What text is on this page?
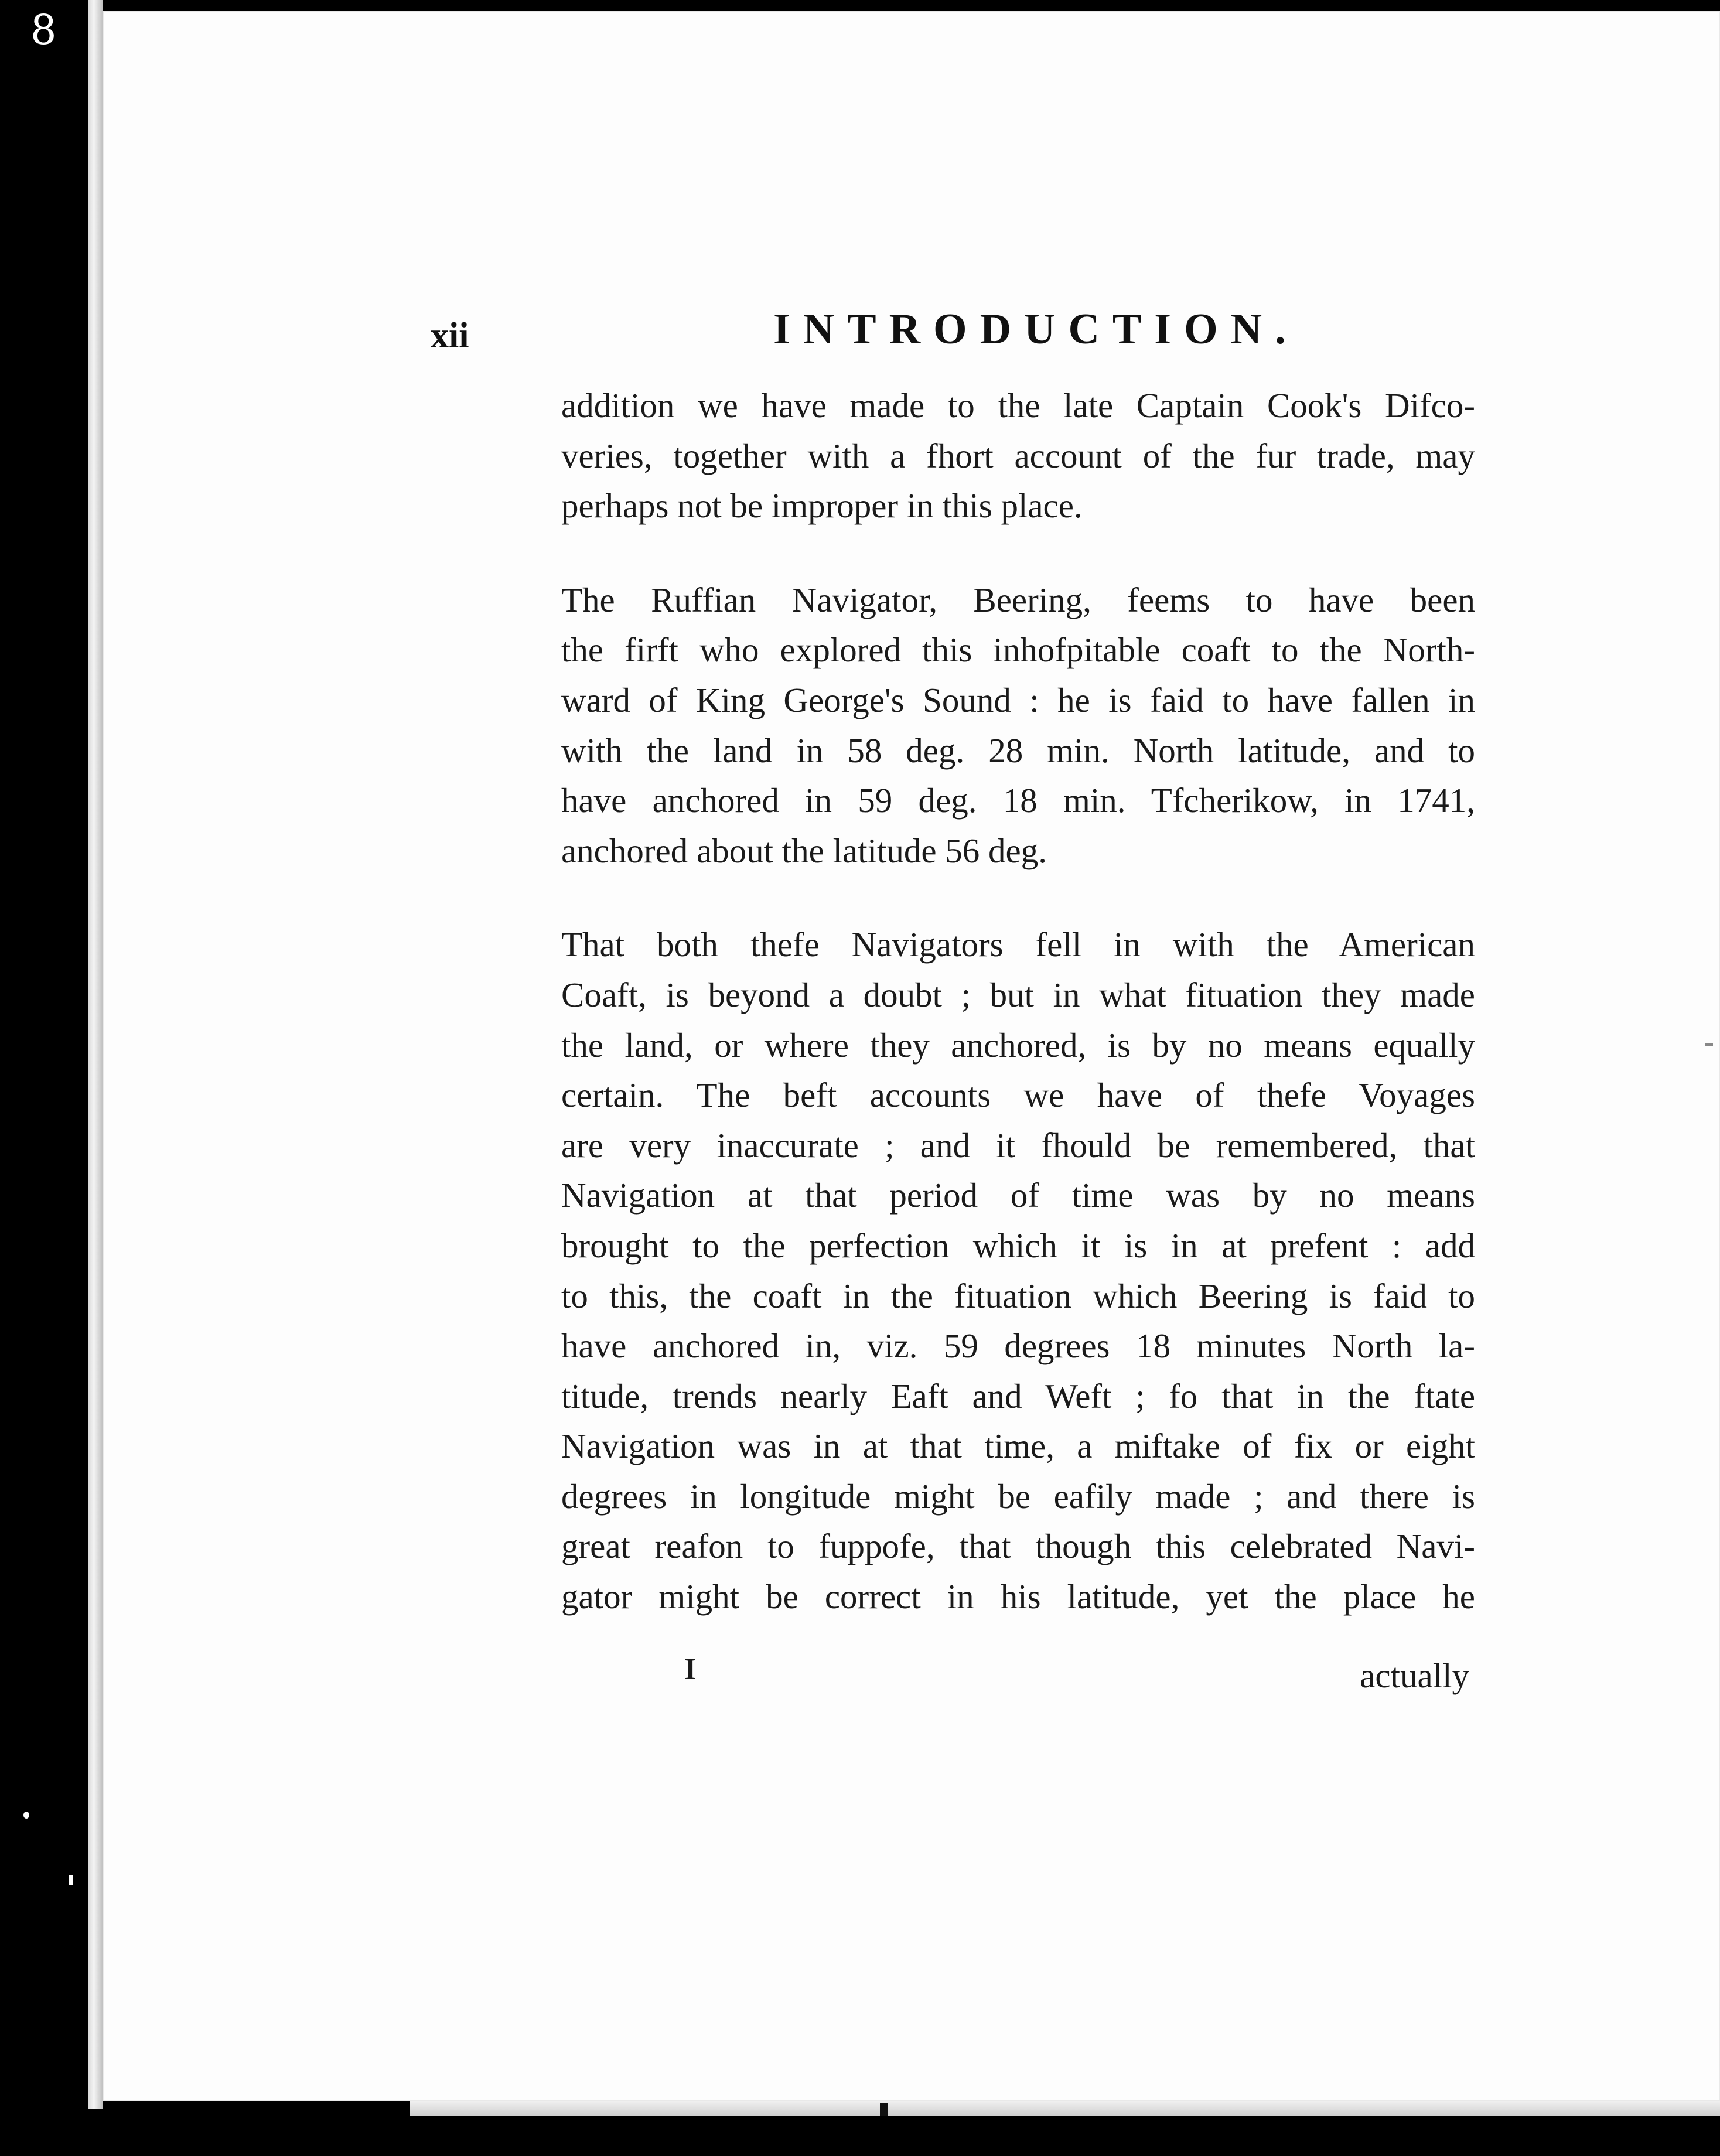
8
xii	INTRODUCTION.
addition we have made to the late Captain Cook's Difco-
veries, together with a fhort account of the fur trade, may
perhaps not be improper in this place.
The Ruffian Navigator, Beering, feems to have been
the firft who explored this inhofpitable coaft to the North-
ward of King George's Sound : he is faid to have fallen in
with the land in 58 deg. 28 min. North latitude, and to
have anchored in 59 deg. 18 min. Tfcherikow, in 1741,
anchored about the latitude 56 deg.
That both thefe Navigators fell in with the American
Coaft, is beyond a doubt ; but in what fituation they made
the land, or where they anchored, is by no means equally
certain. The beft accounts we have of thefe Voyages
are very inaccurate ; and it fhould be remembered, that
Navigation at that period of time was by no means
brought to the perfection which it is in at prefent : add
to this, the coaft in the fituation which Beering is faid to
have anchored in, viz. 59 degrees 18 minutes North la-
titude, trends nearly Eaft and Weft ; fo that in the ftate
Navigation was in at that time, a miftake of fix or eight
degrees in longitude might be eafily made ; and there is
great reafon to fuppofe, that though this celebrated Navi-
gator might be correct in his latitude, yet the place he
I	actually
